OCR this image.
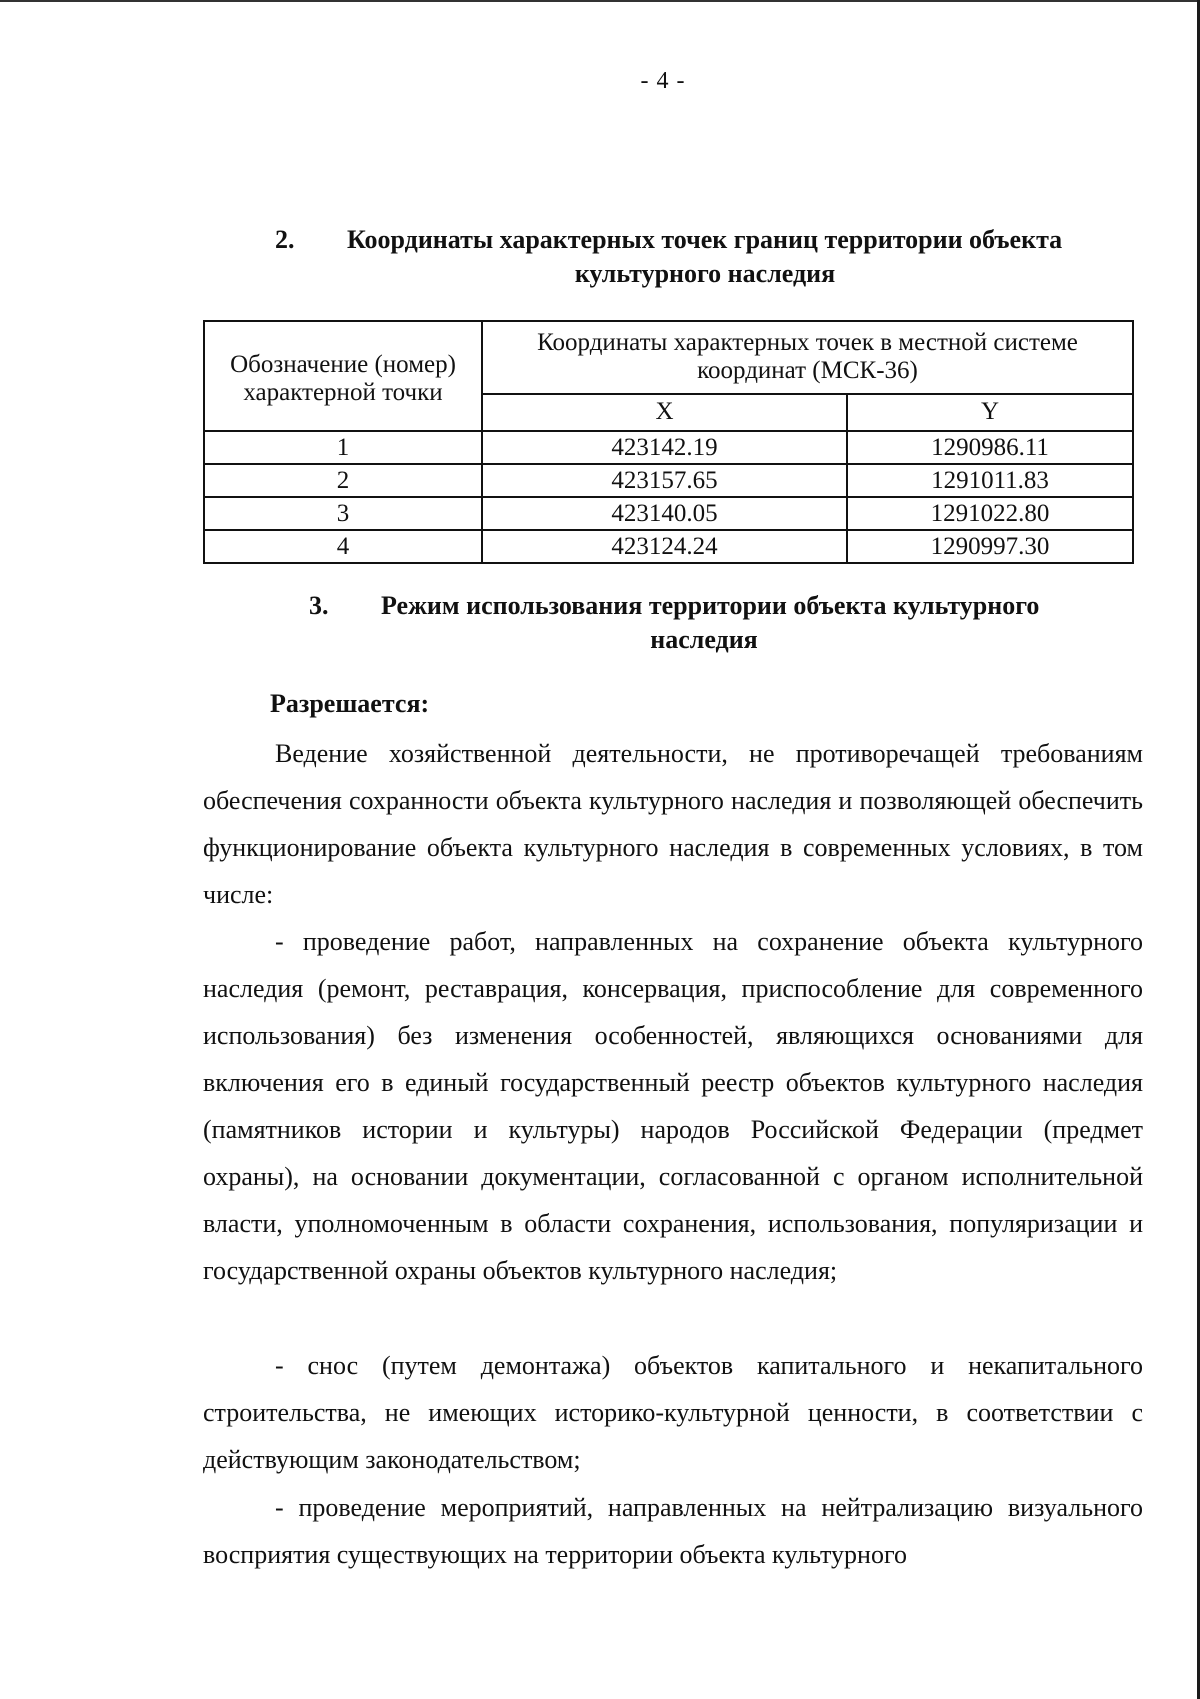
- 4 -
2. Координаты характерных точек границ территории объекта
культурного наследия
Обозначение (номер) характерной точки	Координаты характерных точек в местной системе координат (МСК-36)	
	X	Y
1	423142.19	1290986.11
2	423157.65	1291011.83
3	423140.05	1291022.80
4	423124.24	1290997.30
3. Режим использования территории объекта культурного
наследия
Разрешается:
Ведение хозяйственной деятельности, не противоречащей требованиям обеспечения сохранности объекта культурного наследия и позволяющей обеспечить функционирование объекта культурного наследия в современных условиях, в том числе:
- проведение работ, направленных на сохранение объекта культурного наследия (ремонт, реставрация, консервация, приспособление для современного использования) без изменения особенностей, являющихся основаниями для включения его в единый государственный реестр объектов культурного наследия (памятников истории и культуры) народов Российской Федерации (предмет охраны), на основании документации, согласованной с органом исполнительной власти, уполномоченным в области сохранения, использования, популяризации и государственной охраны объектов культурного наследия;
- снос (путем демонтажа) объектов капитального и некапитального строительства, не имеющих историко-культурной ценности, в соответствии с действующим законодательством;
- проведение мероприятий, направленных на нейтрализацию визуального восприятия существующих на территории объекта культурного
